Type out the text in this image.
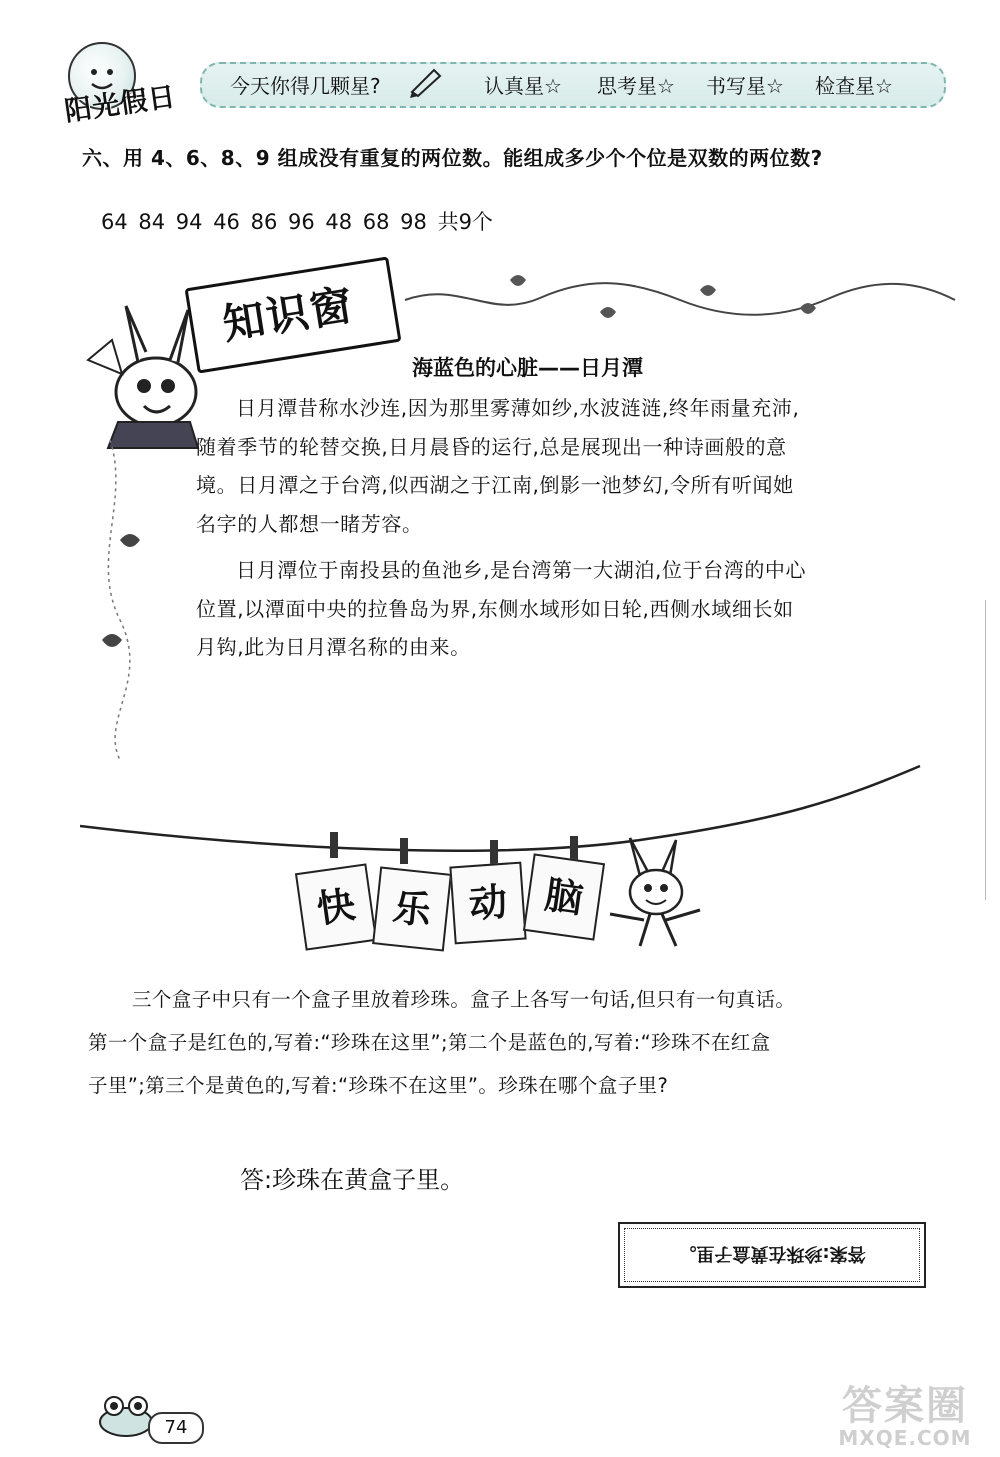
阳光假日	今天你得几颗星?	认真星☆ 思考星☆ 书写星☆ 检查星☆
六、用 4、6、8、9 组成没有重复的两位数。能组成多少个个位是双数的两位数?
64 84 94 46 86 96 48 68 98 共9个
知识窗
海蓝色的心脏——日月潭
日月潭昔称水沙连,因为那里雾薄如纱,水波涟涟,终年雨量充沛,
随着季节的轮替交换,日月晨昏的运行,总是展现出一种诗画般的意
境。日月潭之于台湾,似西湖之于江南,倒影一池梦幻,令所有听闻她
名字的人都想一睹芳容。
日月潭位于南投县的鱼池乡,是台湾第一大湖泊,位于台湾的中心
位置,以潭面中央的拉鲁岛为界,东侧水域形如日轮,西侧水域细长如
月钩,此为日月潭名称的由来。
快 乐 动 脑
三个盒子中只有一个盒子里放着珍珠。盒子上各写一句话,但只有一句真话。
第一个盒子是红色的,写着:“珍珠在这里”;第二个是蓝色的,写着:“珍珠不在红盒
子里”;第三个是黄色的,写着:“珍珠不在这里”。珍珠在哪个盒子里?
答:珍珠在黄盒子里。
答案:珍珠在黄盒子里。
74	答案圈
MXQE.COM
